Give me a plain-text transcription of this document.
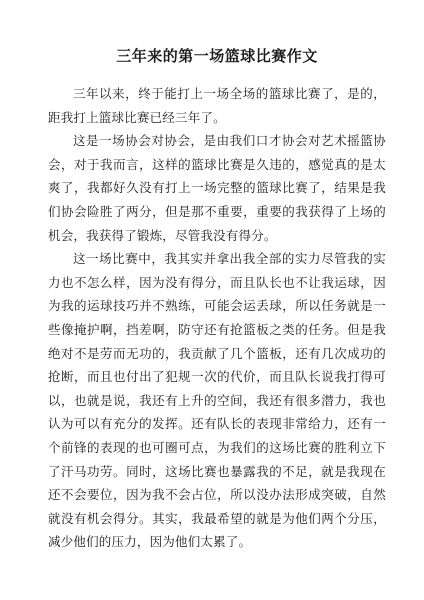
三年来的第一场篮球比赛作文

三年以来，终于能打上一场全场的篮球比赛了，是的，距我打上篮球比赛已经三年了。

这是一场协会对协会，是由我们口才协会对艺术摇篮协会，对于我而言，这样的篮球比赛是久违的，感觉真的是太爽了，我都好久没有打上一场完整的篮球比赛了，结果是我们协会险胜了两分，但是那不重要，重要的我获得了上场的机会，我获得了锻炼，尽管我没有得分。

这一场比赛中，我其实并拿出我全部的实力尽管我的实力也不怎么样，因为没有得分，而且队长也不让我运球，因为我的运球技巧并不熟练，可能会运丢球，所以任务就是一些像掩护啊，挡差啊，防守还有抢篮板之类的任务。但是我绝对不是劳而无功的，我贡献了几个篮板，还有几次成功的抢断，而且也付出了犯规一次的代价，而且队长说我打得可以，也就是说，我还有上升的空间，我还有很多潜力，我也认为可以有充分的发挥。还有队长的表现非常给力，还有一个前锋的表现的也可圈可点，为我们的这场比赛的胜利立下了汗马功劳。同时，这场比赛也暴露我的不足，就是我现在还不会要位，因为我不会占位，所以没办法形成突破，自然就没有机会得分。其实，我最希望的就是为他们两个分压，减少他们的压力，因为他们太累了。
